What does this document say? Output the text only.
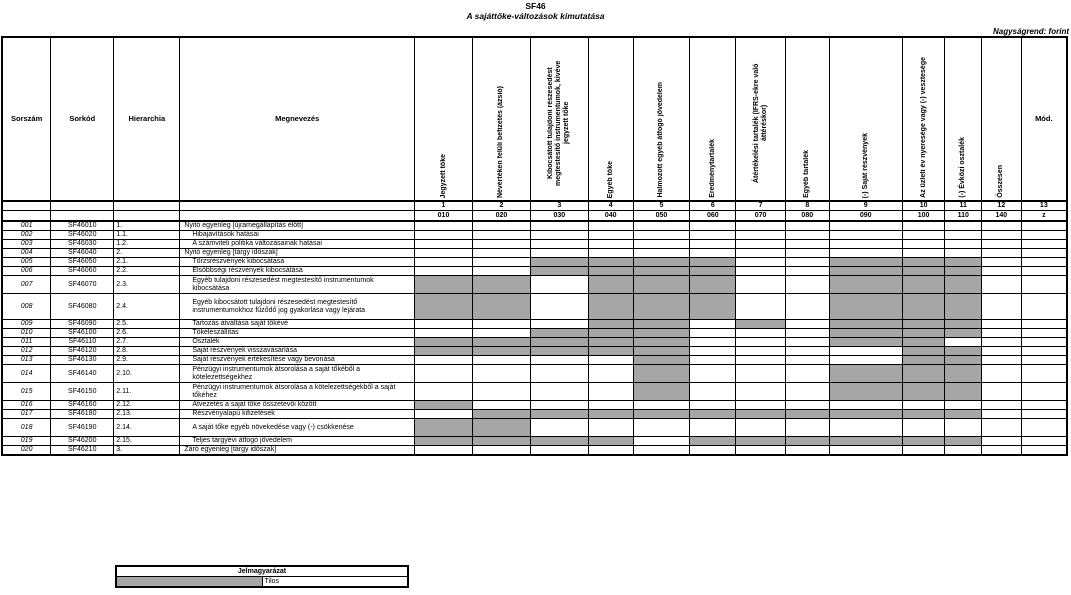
SF46
A sajáttőke-változások kimutatása
Nagyságrend: forint
Sorszám	Sorkód	Hierarchia	Megnevezés	Jegyzett tőke	Névértéken felüli befizetés (ázsió)	Kibocsátott tulajdoni részesedést megtestesítő instrumentumok, kivéve jegyzett tőke	Egyéb tőke	Halmozott egyéb átfogó jövedelem	Eredménytartalék	Átértékelési tartalék (IFRS-ekre való áttéréskor)	Egyéb tartalék	(-) Saját részvények	Az üzleti év nyeresége vagy (-) vesztesége	(-) Évközi osztalék	Összesen	Mód.
				1	2	3	4	5	6	7	8	9	10	11	12	13
				010	020	030	040	050	060	070	080	090	100	110	140	z
001	SF46010	1.	Nyitó egyenleg [újramegállapítás előtt]													
002	SF46020	1.1.	Hibajavítások hatásai													
003	SF46030	1.2.	A számviteli politika változásainak hatásai													
004	SF46040	2.	Nyitó egyenleg [tárgy időszak]													
005	SF46050	2.1.	Törzsrészvények kibocsátása													
006	SF46060	2.2.	Elsőbbségi részvények kibocsátása													
007	SF46070	2.3.	Egyéb tulajdoni részesedést megtestesítő instrumentumok kibocsátása													
008	SF46080	2.4.	Egyéb kibocsátott tulajdoni részesedést megtestesítő instrumentumokhoz fűződő jog gyakorlása vagy lejárata													
009	SF46090	2.5.	Tartozás átváltása saját tőkévé													
010	SF46100	2.6.	Tőkeleszállítás													
011	SF46110	2.7.	Osztalék													
012	SF46120	2.8.	Saját részvények visszavásárlása													
013	SF46130	2.9.	Saját részvények értékesítése vagy bevonása													
014	SF46140	2.10.	Pénzügyi instrumentumok átsorolása a saját tőkéből a kötelezettségekhez													
015	SF46150	2.11.	Pénzügyi instrumentumok átsorolása a kötelezettségekből a saját tőkéhez													
016	SF46160	2.12.	Átvezetés a saját tőke összetevői között													
017	SF46180	2.13.	Részvényalapú kifizetések													
018	SF46190	2.14.	A saját tőke egyéb növekedése vagy (-) csökkenése													
019	SF46200	2.15.	Teljes tárgyévi átfogó jövedelem													
020	SF46210	3.	Záró egyenleg [tárgy időszak]													
Jelmagyarázat
	Tilos
